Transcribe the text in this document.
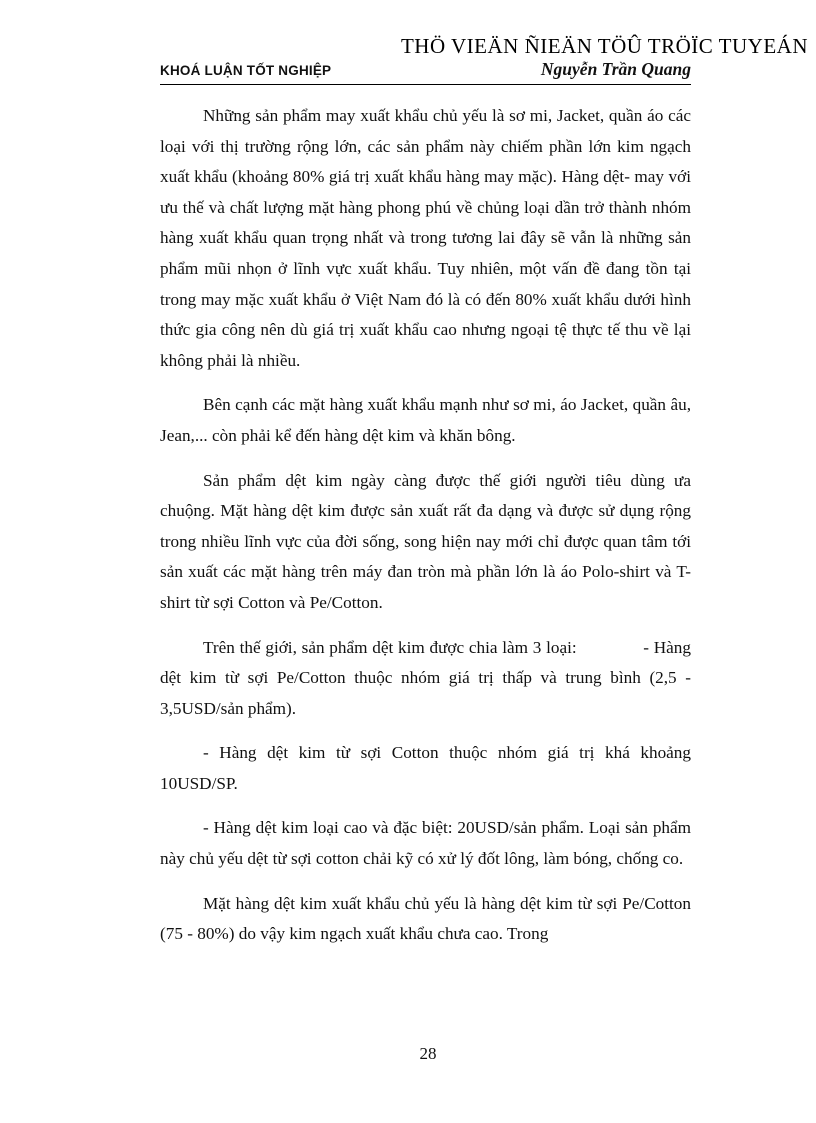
THÖ VIEÄN ÑIEÄN TÖÛ TRÖÏC TUYEÁN
KHOÁ LUẬN TỐT NGHIỆP	Nguyễn Trần Quang

Những sản phẩm may xuất khẩu chủ yếu là sơ mi, Jacket, quần áo các loại với thị trường rộng lớn, các sản phẩm này chiếm phần lớn kim ngạch xuất khẩu (khoảng 80% giá trị xuất khẩu hàng may mặc). Hàng dệt- may với ưu thế và chất lượng mặt hàng phong phú về chủng loại dần trở thành nhóm hàng xuất khẩu quan trọng nhất và trong tương lai đây sẽ vẫn là những sản phẩm mũi nhọn ở lĩnh vực xuất khẩu. Tuy nhiên, một vấn đề đang tồn tại trong may mặc xuất khẩu ở Việt Nam đó là có đến 80% xuất khẩu dưới hình thức gia công nên dù giá trị xuất khẩu cao nhưng ngoại tệ thực tế thu về lại không phải là nhiều.

Bên cạnh các mặt hàng xuất khẩu mạnh như sơ mi, áo Jacket, quần âu, Jean,... còn phải kể đến hàng dệt kim và khăn bông.

Sản phẩm dệt kim ngày càng được thế giới người tiêu dùng ưa chuộng. Mặt hàng dệt kim được sản xuất rất đa dạng và được sử dụng rộng trong nhiều lĩnh vực của đời sống, song hiện nay mới chỉ được quan tâm tới sản xuất các mặt hàng trên máy đan tròn mà phần lớn là áo Polo-shirt và T-shirt từ sợi Cotton và Pe/Cotton.

Trên thế giới, sản phẩm dệt kim được chia làm 3 loại:              - Hàng dệt kim từ sợi Pe/Cotton thuộc nhóm giá trị thấp và trung bình (2,5 - 3,5USD/sản phẩm).

- Hàng dệt kim từ sợi Cotton thuộc nhóm giá trị khá khoảng 10USD/SP.

- Hàng dệt kim loại cao và đặc biệt: 20USD/sản phẩm. Loại sản phẩm này chủ yếu dệt từ sợi cotton chải kỹ có xử lý đốt lông, làm bóng, chống co.

Mặt hàng dệt kim xuất khẩu chủ yếu là hàng dệt kim từ sợi Pe/Cotton (75 - 80%) do vậy kim ngạch xuất khẩu chưa cao. Trong

28
